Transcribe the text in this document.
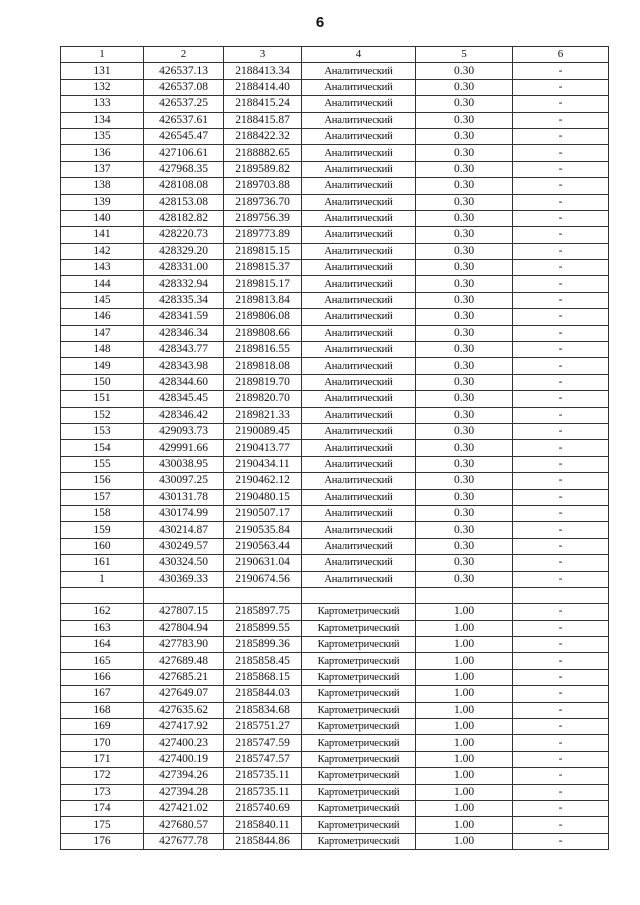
6
1	2	3	4	5	6
131	426537.13	2188413.34	Аналитический	0.30	-
132	426537.08	2188414.40	Аналитический	0.30	-
133	426537.25	2188415.24	Аналитический	0.30	-
134	426537.61	2188415.87	Аналитический	0.30	-
135	426545.47	2188422.32	Аналитический	0.30	-
136	427106.61	2188882.65	Аналитический	0.30	-
137	427968.35	2189589.82	Аналитический	0.30	-
138	428108.08	2189703.88	Аналитический	0.30	-
139	428153.08	2189736.70	Аналитический	0.30	-
140	428182.82	2189756.39	Аналитический	0.30	-
141	428220.73	2189773.89	Аналитический	0.30	-
142	428329.20	2189815.15	Аналитический	0.30	-
143	428331.00	2189815.37	Аналитический	0.30	-
144	428332.94	2189815.17	Аналитический	0.30	-
145	428335.34	2189813.84	Аналитический	0.30	-
146	428341.59	2189806.08	Аналитический	0.30	-
147	428346.34	2189808.66	Аналитический	0.30	-
148	428343.77	2189816.55	Аналитический	0.30	-
149	428343.98	2189818.08	Аналитический	0.30	-
150	428344.60	2189819.70	Аналитический	0.30	-
151	428345.45	2189820.70	Аналитический	0.30	-
152	428346.42	2189821.33	Аналитический	0.30	-
153	429093.73	2190089.45	Аналитический	0.30	-
154	429991.66	2190413.77	Аналитический	0.30	-
155	430038.95	2190434.11	Аналитический	0.30	-
156	430097.25	2190462.12	Аналитический	0.30	-
157	430131.78	2190480.15	Аналитический	0.30	-
158	430174.99	2190507.17	Аналитический	0.30	-
159	430214.87	2190535.84	Аналитический	0.30	-
160	430249.57	2190563.44	Аналитический	0.30	-
161	430324.50	2190631.04	Аналитический	0.30	-
1	430369.33	2190674.56	Аналитический	0.30	-

162	427807.15	2185897.75	Картометрический	1.00	-
163	427804.94	2185899.55	Картометрический	1.00	-
164	427783.90	2185899.36	Картометрический	1.00	-
165	427689.48	2185858.45	Картометрический	1.00	-
166	427685.21	2185868.15	Картометрический	1.00	-
167	427649.07	2185844.03	Картометрический	1.00	-
168	427635.62	2185834.68	Картометрический	1.00	-
169	427417.92	2185751.27	Картометрический	1.00	-
170	427400.23	2185747.59	Картометрический	1.00	-
171	427400.19	2185747.57	Картометрический	1.00	-
172	427394.26	2185735.11	Картометрический	1.00	-
173	427394.28	2185735.11	Картометрический	1.00	-
174	427421.02	2185740.69	Картометрический	1.00	-
175	427680.57	2185840.11	Картометрический	1.00	-
176	427677.78	2185844.86	Картометрический	1.00	-
